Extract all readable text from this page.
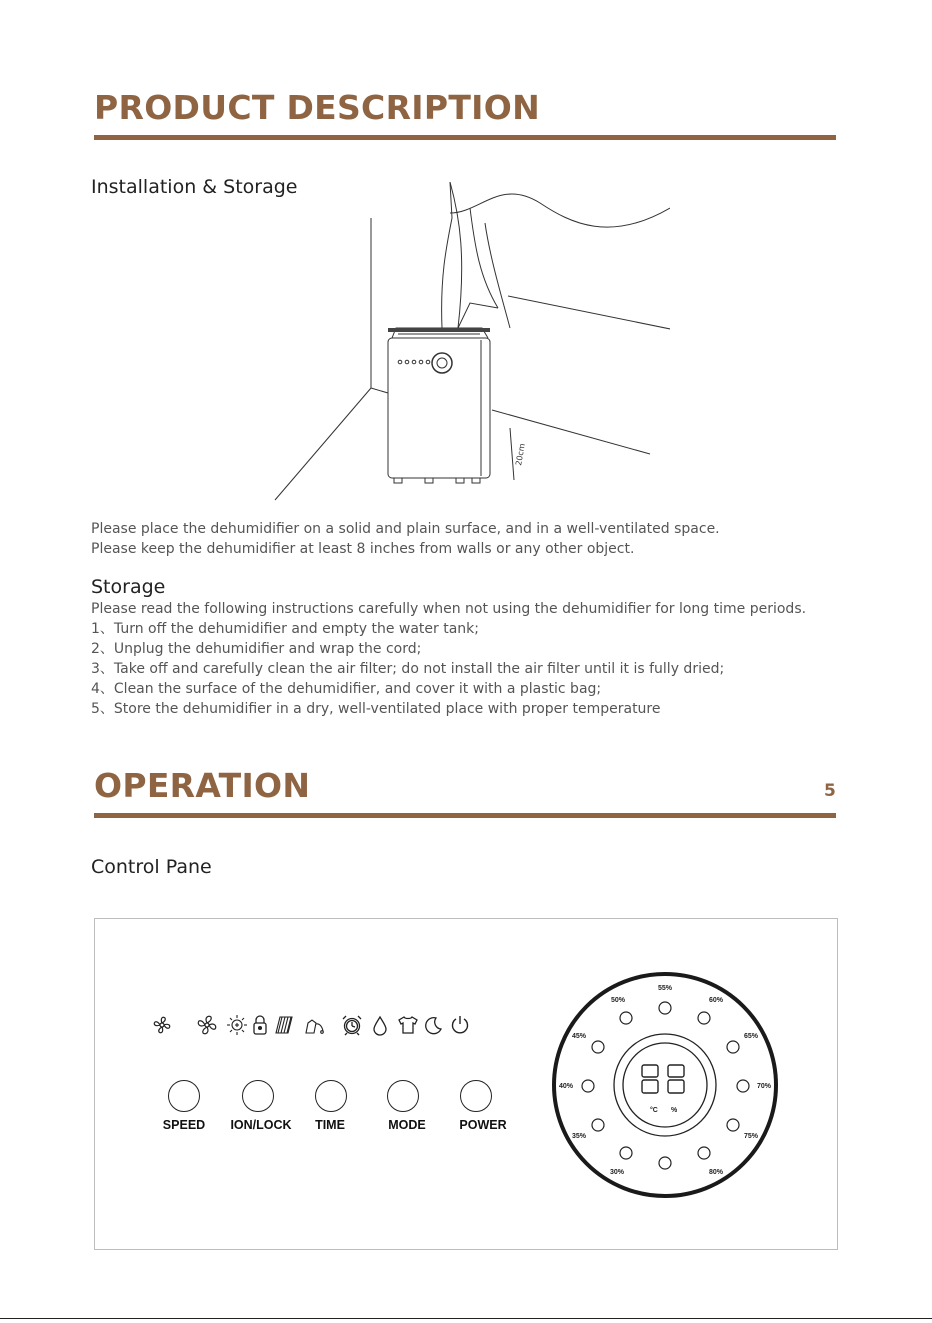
PRODUCT DESCRIPTION
Installation & Storage
20cm
Please place the dehumidifier on a solid and plain surface, and in a well-ventilated space.
Please keep the dehumidifier at least 8 inches from walls or any other object.
Storage
Please read the following instructions carefully when not using the dehumidifier for long time periods.
1、Turn off the dehumidifier and empty the water tank;
2、Unplug the dehumidifier and wrap the cord;
3、Take off and carefully clean the air filter; do not install the air filter until it is fully dried;
4、Clean the surface of the dehumidifier, and cover it with a plastic bag;
5、Store the dehumidifier in a dry, well-ventilated place with proper temperature
OPERATION	5
Control Pane
SPEED ION/LOCK TIME	MODE	POWER
°C %
55%
60%
65%
70%
75%
80%
30%
35%
40%
45%
50%
